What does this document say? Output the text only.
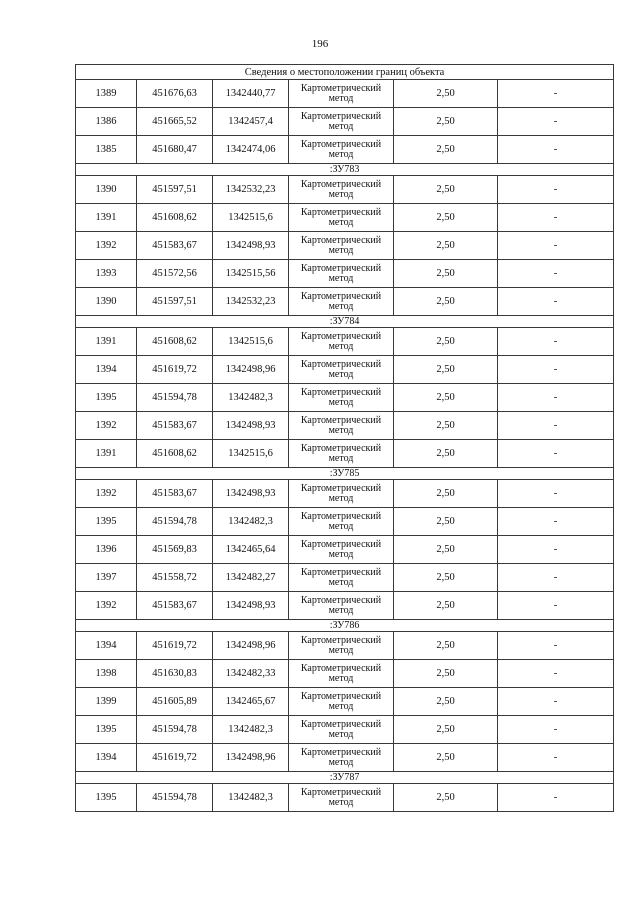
196
Сведения о местоположении границ объекта					
1389	451676,63	1342440,77	Картометрический метод	2,50	-
1386	451665,52	1342457,4	Картометрический метод	2,50	-
1385	451680,47	1342474,06	Картометрический метод	2,50	-
:ЗУ783					
1390	451597,51	1342532,23	Картометрический метод	2,50	-
1391	451608,62	1342515,6	Картометрический метод	2,50	-
1392	451583,67	1342498,93	Картометрический метод	2,50	-
1393	451572,56	1342515,56	Картометрический метод	2,50	-
1390	451597,51	1342532,23	Картометрический метод	2,50	-
:ЗУ784					
1391	451608,62	1342515,6	Картометрический метод	2,50	-
1394	451619,72	1342498,96	Картометрический метод	2,50	-
1395	451594,78	1342482,3	Картометрический метод	2,50	-
1392	451583,67	1342498,93	Картометрический метод	2,50	-
1391	451608,62	1342515,6	Картометрический метод	2,50	-
:ЗУ785					
1392	451583,67	1342498,93	Картометрический метод	2,50	-
1395	451594,78	1342482,3	Картометрический метод	2,50	-
1396	451569,83	1342465,64	Картометрический метод	2,50	-
1397	451558,72	1342482,27	Картометрический метод	2,50	-
1392	451583,67	1342498,93	Картометрический метод	2,50	-
:ЗУ786					
1394	451619,72	1342498,96	Картометрический метод	2,50	-
1398	451630,83	1342482,33	Картометрический метод	2,50	-
1399	451605,89	1342465,67	Картометрический метод	2,50	-
1395	451594,78	1342482,3	Картометрический метод	2,50	-
1394	451619,72	1342498,96	Картометрический метод	2,50	-
:ЗУ787					
1395	451594,78	1342482,3	Картометрический метод	2,50	-
